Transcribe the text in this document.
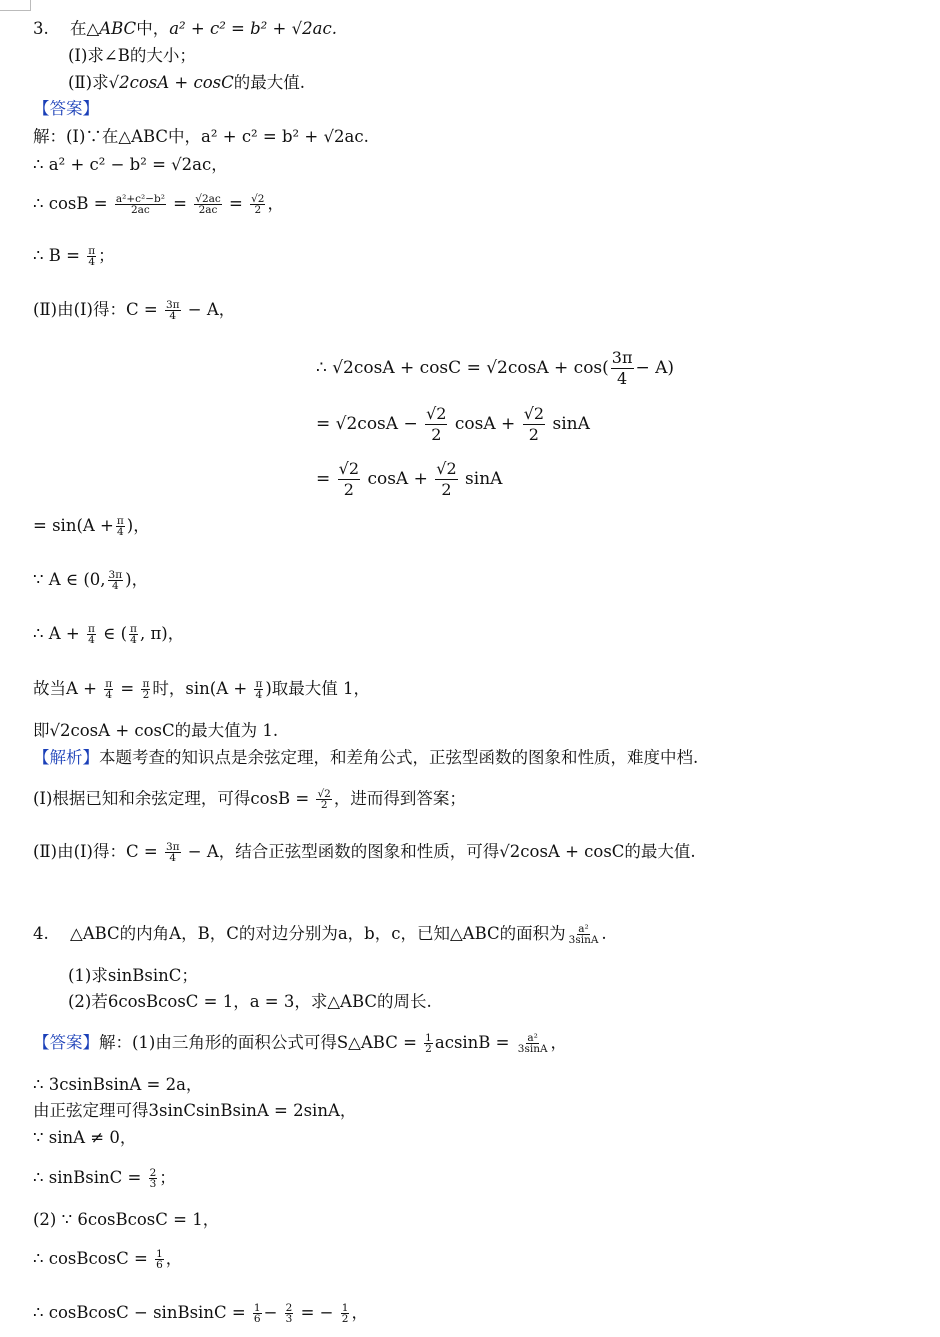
3. 在△ABC中，a² + c² = b² + √2ac.
(Ⅰ)求∠B的大小；
(Ⅱ)求√2cosA + cosC的最大值.
【答案】
解：(Ⅰ)∵在△ABC中，a² + c² = b² + √2ac.
∴ a² + c² − b² = √2ac，
∴ $\cos B = \frac{\text{a²+c²−b²}}{2ac} = \frac{√2ac}{2ac} = \frac{√2}{2}$ ，
∴ $B = \frac{\pi}{4}$ ；
(Ⅱ)由(I)得：$C = \frac{3\pi}{4} - A$，
∴ $√2\cos A + \cos C = √2\cos A + \cos( \frac{3\pi}{4} - A)$
= $√2\cos A - \frac{√2}{2}$ $\cos A + \frac{√2}{2}$ sinA
= $\frac{√2}{2}$ $\cos A + \frac{√2}{2}$ sinA
= $\sin(A + \frac{\pi}{4}$ )，
∵ A ∈ (0, $\frac{3\pi}{4}$ )，
∴ $A + \frac{\pi}{4}$ ∈ ( $\frac{\pi}{4}$ , π)，
故当$A + \frac{\pi}{4} = \frac{\pi}{2}$ 时，$\sin(A + \frac{\pi}{4}$ )取最大值 1，
即√2cosA + cosC的最大值为 1.
【解析】本题考查的知识点是余弦定理，和差角公式，正弦型函数的图象和性质，难度中档.
(Ⅰ)根据已知和余弦定理，可得$\cos B = \frac{√2}{2}$ ，进而得到答案；
(Ⅱ)由(I)得：$C = \frac{3\pi}{4} - A$，结合正弦型函数的图象和性质，可得√2cosA + cosC的最大值.
4. △ABC的内角A，B，C的对边分别为a，b，c，已知△ABC的面积为 $\frac{\text{a²}}{3\sin A}$ .
(1)求sinBsinC；
(2)若6cosBcosC = 1，a = 3，求△ABC的周长.
【答案】解：(1)由三角形的面积公式可得S△ABC = $\frac{1}{2}$ $acsinB = \frac{\text{a²}}{3\sin A}$ ，
∴ 3csinBsinA = 2a，
由正弦定理可得3sinCsinBsinA = 2sinA，
∵ sinA ≠ 0，
∴ sinBsinC = $\frac{2}{3}$ ；
(2) ∵ 6cosBcosC = 1，
∴ cosBcosC = $\frac{1}{6}$ ，
∴ cosBcosC − sinBsinC = $\frac{1}{6} - \frac{2}{3}$ = − $\frac{1}{2}$ ，
